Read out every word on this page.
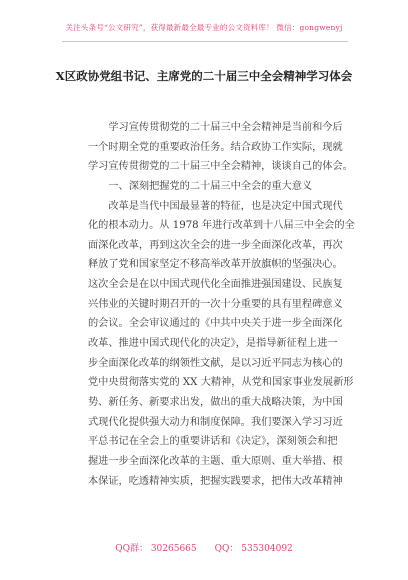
关注头条号“公文研究”，获得最新最全最专业的公文资料库！ 微信：gongwenyj
X区政协党组书记、主席党的二十届三中全会精神学习体会
　　学习宣传贯彻党的二十届三中全会精神是当前和今后
一个时期全党的重要政治任务。结合政协工作实际，现就
学习宣传贯彻党的二十届三中全会精神，谈谈自己的体会。
　　一、深刻把握党的二十届三中全会的重大意义
　　改革是当代中国最显著的特征，也是决定中国式现代
化的根本动力。从 1978 年进行改革到十八届三中全会的全
面深化改革，再到这次全会的进一步全面深化改革，再次
释放了党和国家坚定不移高举改革开放旗帜的坚强决心。
这次全会是在以中国式现代化全面推进强国建设、民族复
兴伟业的关键时期召开的一次十分重要的具有里程碑意义
的会议。全会审议通过的《中共中央关于进一步全面深化
改革、推进中国式现代化的决定》，是指导新征程上进一
步全面深化改革的纲领性文献，是以习近平同志为核心的
党中央贯彻落实党的 XX 大精神，从党和国家事业发展新形
势、新任务、新要求出发，做出的重大战略决策，为中国
式现代化提供强大动力和制度保障。我们要深入学习习近
平总书记在全会上的重要讲话和《决定》，深刻领会和把
握进一步全面深化改革的主题、重大原则、重大举措、根
本保证，吃透精神实质，把握实践要求，把伟大改革精神
QQ群： 30265665　　QQ： 535304092
